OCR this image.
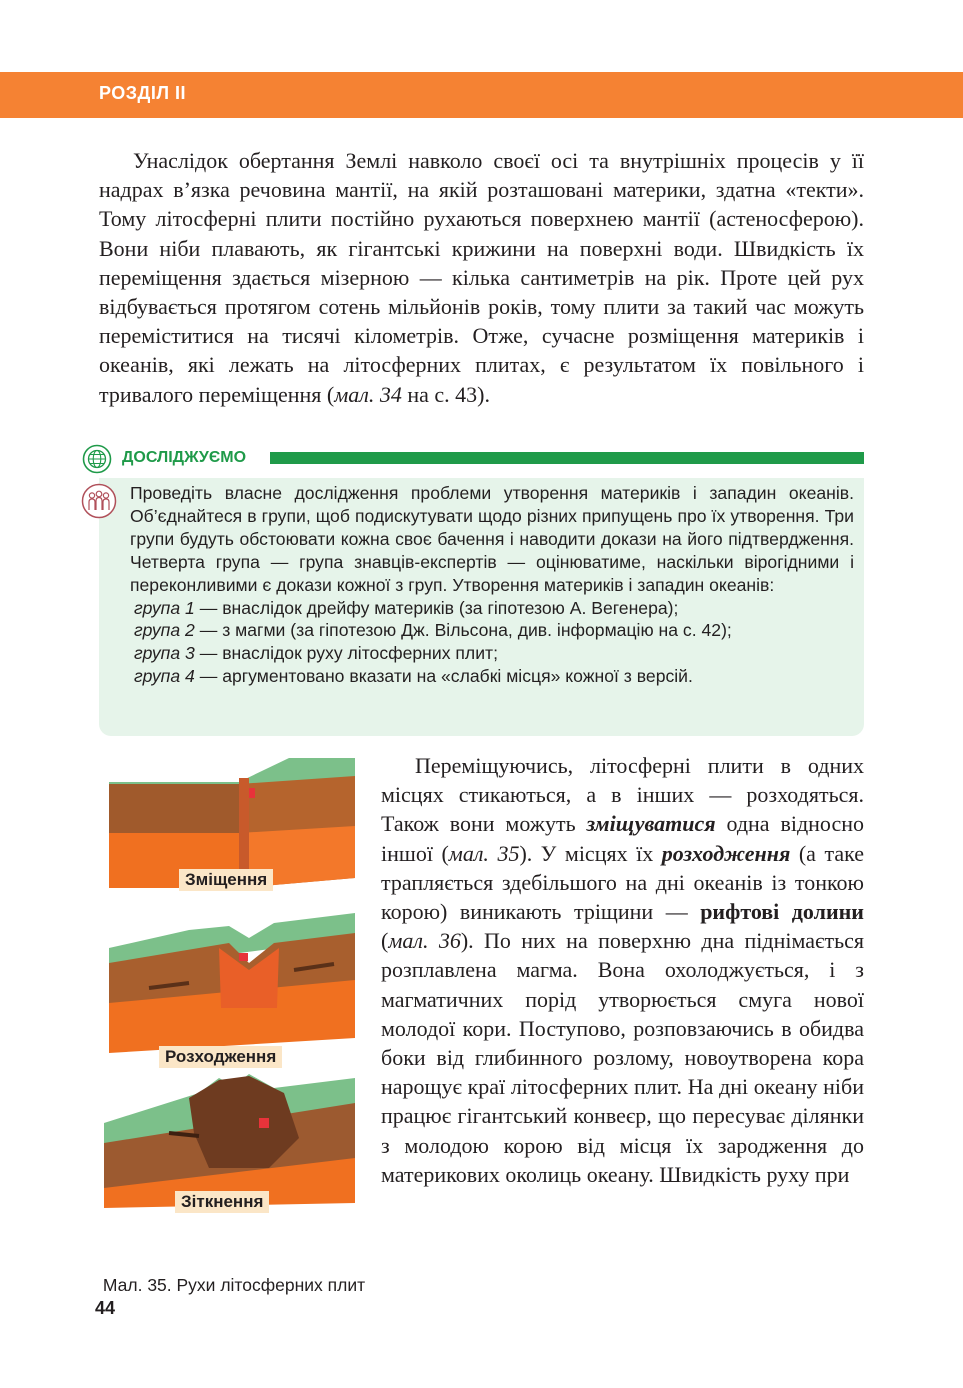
РОЗДІЛ ІІ

Унаслідок обертання Землі навколо своєї осі та внутрішніх процесів у її надрах в’язка речовина мантії, на якій розташовані материки, здатна «текти». Тому літосферні плити постійно рухаються поверхнею мантії (астеносферою). Вони ніби плавають, як гігантські крижини на поверхні води. Швидкість їх переміщення здається мізерною — кілька сантиметрів на рік. Проте цей рух відбувається протягом сотень мільйонів років, тому плити за такий час можуть переміститися на тисячі кілометрів. Отже, сучасне розміщення материків і океанів, які лежать на літосферних плитах, є результатом їх повільного і тривалого переміщення (мал. 34 на с. 43).

ДОСЛІДЖУЄМО

Проведіть власне дослідження проблеми утворення материків і западин океанів. Об’єднайтеся в групи, щоб подискутувати щодо різних припущень про їх утворення. Три групи будуть обстоювати кожна своє бачення і наводити докази на його підтвердження. Четверта група — група знавців-експертів — оцінюватиме, наскільки вірогідними і переконливими є докази кожної з груп. Утворення материків і западин океанів:

група 1 — внаслідок дрейфу материків (за гіпотезою А. Вегенера);
група 2 — з магми (за гіпотезою Дж. Вільсона, див. інформацію на с. 42);
група 3 — внаслідок руху літосферних плит;
група 4 — аргументовано вказати на «слабкі місця» кожної з версій.
Зміщення
Розходження
Зіткнення
Мал. 35. Рухи літосферних плит

Переміщуючись, літосферні плити в одних місцях стикаються, а в інших — розходяться. Також вони можуть зміщуватися одна відносно іншої (мал. 35). У місцях їх розходження (а таке трапляється здебільшого на дні океанів із тонкою корою) виникають тріщини — рифтові долини (мал. 36). По них на поверхню дна піднімається розплавлена магма. Вона охолоджується, і з магматичних порід утворюється смуга нової молодої кори. Поступово, розповзаючись в обидва боки від глибинного розлому, новоутворена кора нарощує краї літосферних плит. На дні океану ніби працює гігантський конвеєр, що пересуває ділянки з молодою корою від місця їх зародження до материкових околиць океану. Швидкість руху при

44
